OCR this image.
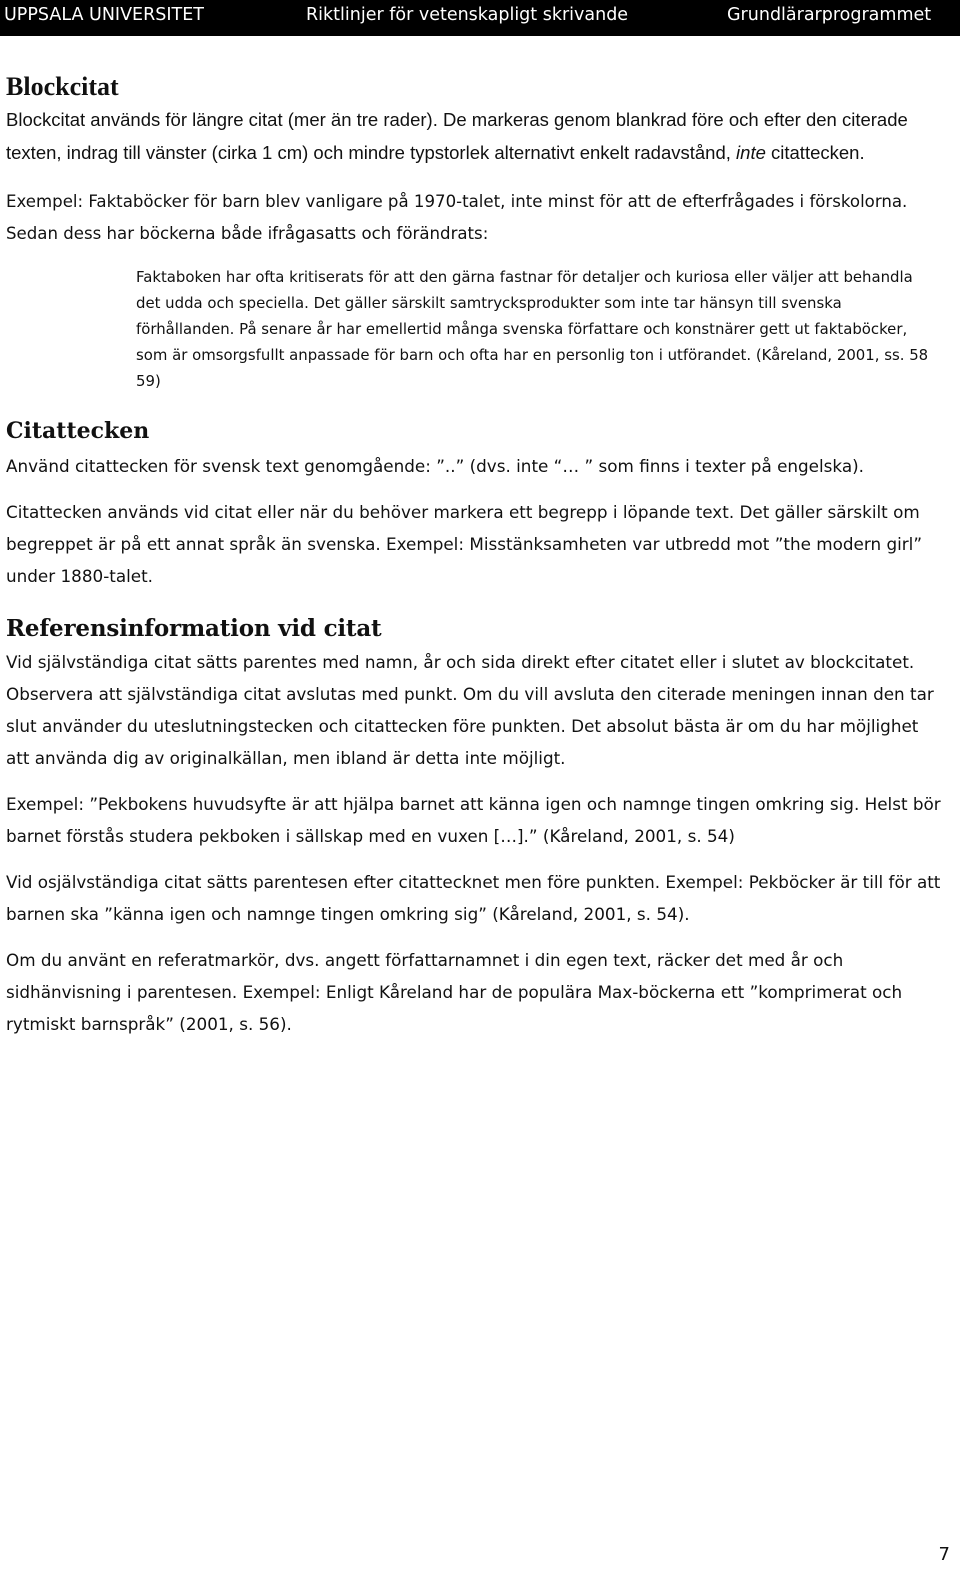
UPPSALA UNIVERSITET	Riktlinjer för vetenskapligt skrivande	Grundlärarprogrammet
Blockcitat

Blockcitat används för längre citat (mer än tre rader). De markeras genom blankrad före och efter den citerade texten, indrag till vänster (cirka 1 cm) och mindre typstorlek alternativt enkelt radavstånd, inte citattecken.

Exempel: Faktaböcker för barn blev vanligare på 1970-talet, inte minst för att de efterfrågades i förskolorna. Sedan dess har böckerna både ifrågasatts och förändrats:

Faktaboken har ofta kritiserats för att den gärna fastnar för detaljer och kuriosa eller väljer att behandla det udda och speciella. Det gäller särskilt samtrycksprodukter som inte tar hänsyn till svenska förhållanden. På senare år har emellertid många svenska författare och konstnärer gett ut faktaböcker, som är omsorgsfullt anpassade för barn och ofta har en personlig ton i utförandet. (Kåreland, 2001, ss. 58 59)

Citattecken

Använd citattecken för svensk text genomgående: ”..” (dvs. inte “… ” som finns i texter på engelska).

Citattecken används vid citat eller när du behöver markera ett begrepp i löpande text. Det gäller särskilt om begreppet är på ett annat språk än svenska. Exempel: Misstänksamheten var utbredd mot ”the modern girl” under 1880-talet.

Referensinformation vid citat

Vid självständiga citat sätts parentes med namn, år och sida direkt efter citatet eller i slutet av blockcitatet. Observera att självständiga citat avslutas med punkt. Om du vill avsluta den citerade meningen innan den tar slut använder du uteslutningstecken och citattecken före punkten. Det absolut bästa är om du har möjlighet att använda dig av originalkällan, men ibland är detta inte möjligt.

Exempel: ”Pekbokens huvudsyfte är att hjälpa barnet att känna igen och namnge tingen omkring sig. Helst bör barnet förstås studera pekboken i sällskap med en vuxen […].” (Kåreland, 2001, s. 54)

Vid osjälvständiga citat sätts parentesen efter citattecknet men före punkten. Exempel: Pekböcker är till för att barnen ska ”känna igen och namnge tingen omkring sig” (Kåreland, 2001, s. 54).

Om du använt en referatmarkör, dvs. angett författarnamnet i din egen text, räcker det med år och sidhänvisning i parentesen. Exempel: Enligt Kåreland har de populära Max-böckerna ett ”komprimerat och rytmiskt barnspråk” (2001, s. 56).

7
